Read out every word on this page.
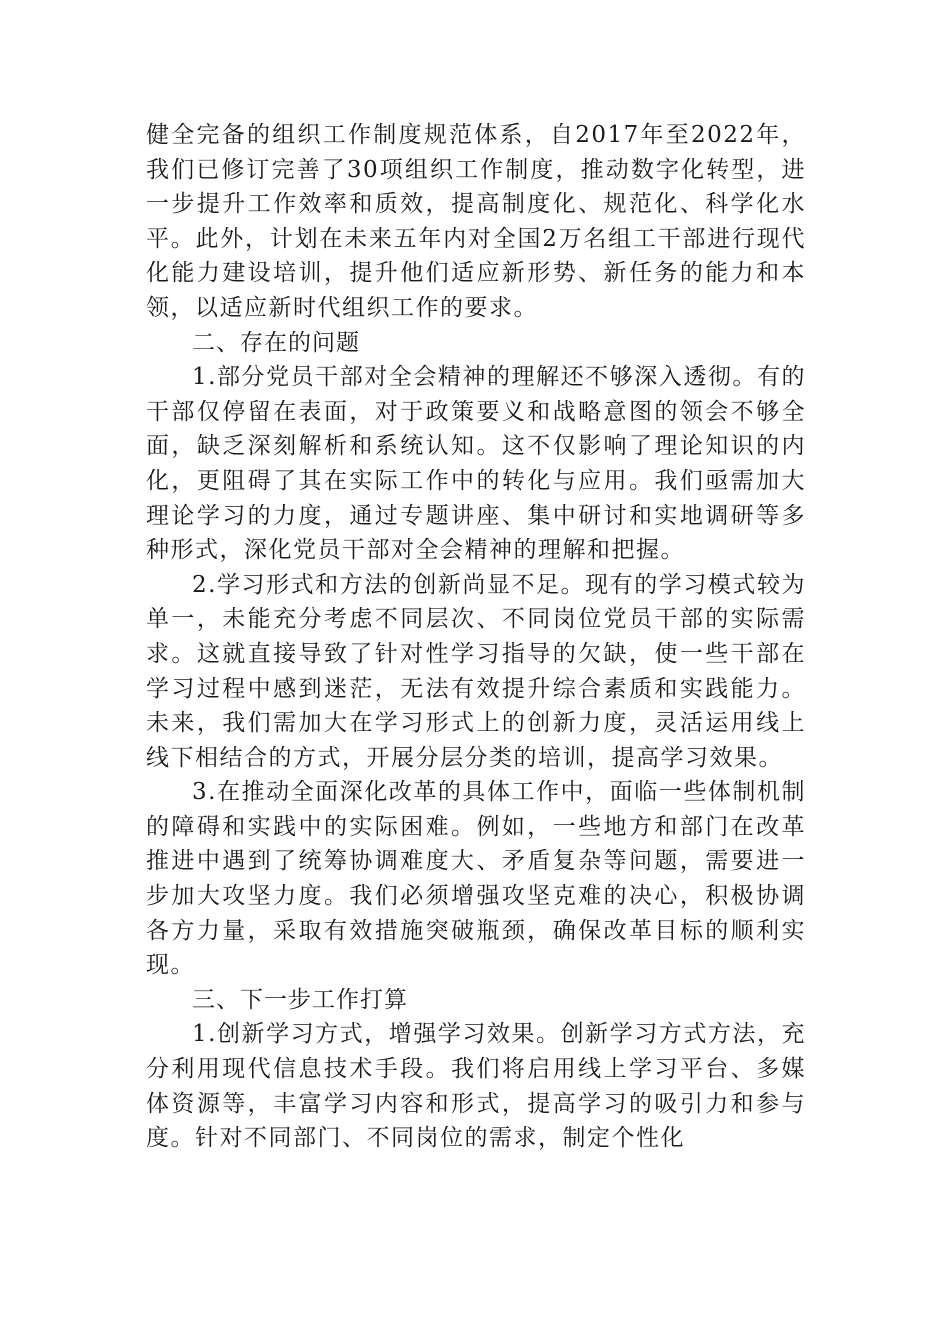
健全完备的组织工作制度规范体系，自2017年至2022年，我们已修订完善了30项组织工作制度，推动数字化转型，进一步提升工作效率和质效，提高制度化、规范化、科学化水平。此外，计划在未来五年内对全国2万名组工干部进行现代化能力建设培训，提升他们适应新形势、新任务的能力和本领，以适应新时代组织工作的要求。

二、存在的问题

1.部分党员干部对全会精神的理解还不够深入透彻。有的干部仅停留在表面，对于政策要义和战略意图的领会不够全面，缺乏深刻解析和系统认知。这不仅影响了理论知识的内化，更阻碍了其在实际工作中的转化与应用。我们亟需加大理论学习的力度，通过专题讲座、集中研讨和实地调研等多种形式，深化党员干部对全会精神的理解和把握。

2.学习形式和方法的创新尚显不足。现有的学习模式较为单一，未能充分考虑不同层次、不同岗位党员干部的实际需求。这就直接导致了针对性学习指导的欠缺，使一些干部在学习过程中感到迷茫，无法有效提升综合素质和实践能力。未来，我们需加大在学习形式上的创新力度，灵活运用线上线下相结合的方式，开展分层分类的培训，提高学习效果。

3.在推动全面深化改革的具体工作中，面临一些体制机制的障碍和实践中的实际困难。例如，一些地方和部门在改革推进中遇到了统筹协调难度大、矛盾复杂等问题，需要进一步加大攻坚力度。我们必须增强攻坚克难的决心，积极协调各方力量，采取有效措施突破瓶颈，确保改革目标的顺利实现。

三、下一步工作打算

1.创新学习方式，增强学习效果。创新学习方式方法，充分利用现代信息技术手段。我们将启用线上学习平台、多媒体资源等，丰富学习内容和形式，提高学习的吸引力和参与度。针对不同部门、不同岗位的需求，制定个性化
